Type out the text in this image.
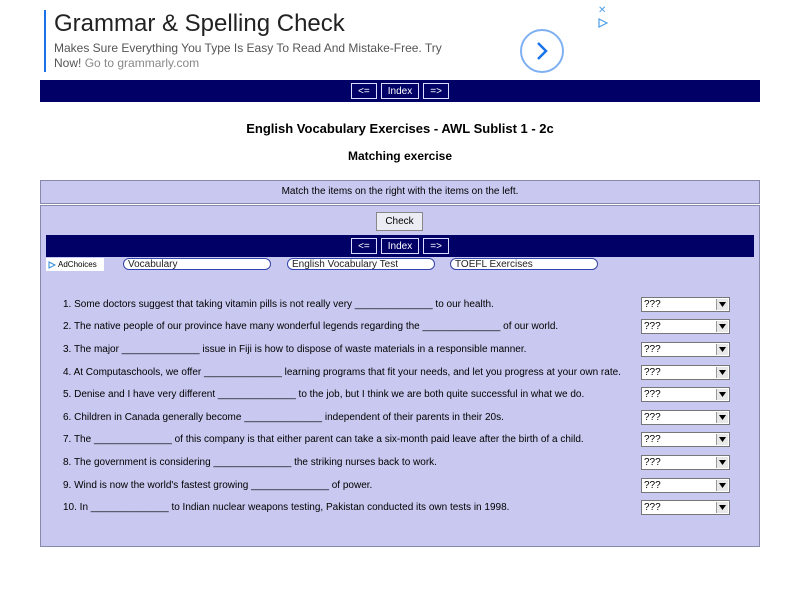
Grammar & Spelling Check
Makes Sure Everything You Type Is Easy To Read And Mistake-Free. Try Now! Go to grammarly.com
✕
<=	Index	=>
English Vocabulary Exercises - AWL Sublist 1 - 2c
Matching exercise
Match the items on the right with the items on the left.
Check
<=	Index	=>
AdChoices	Vocabulary	English Vocabulary Test	TOEFL Exercises
1. Some doctors suggest that taking vitamin pills is not really very ______________ to our health.	???
2. The native people of our province have many wonderful legends regarding the ______________ of our world.	???
3. The major ______________ issue in Fiji is how to dispose of waste materials in a responsible manner.	???
4. At Computaschools, we offer ______________ learning programs that fit your needs, and let you progress at your own rate.	???
5. Denise and I have very different ______________ to the job, but I think we are both quite successful in what we do.	???
6. Children in Canada generally become ______________ independent of their parents in their 20s.	???
7. The ______________ of this company is that either parent can take a six-month paid leave after the birth of a child.	???
8. The government is considering ______________ the striking nurses back to work.	???
9. Wind is now the world's fastest growing ______________ of power.	???
10. In ______________ to Indian nuclear weapons testing, Pakistan conducted its own tests in 1998.	???
